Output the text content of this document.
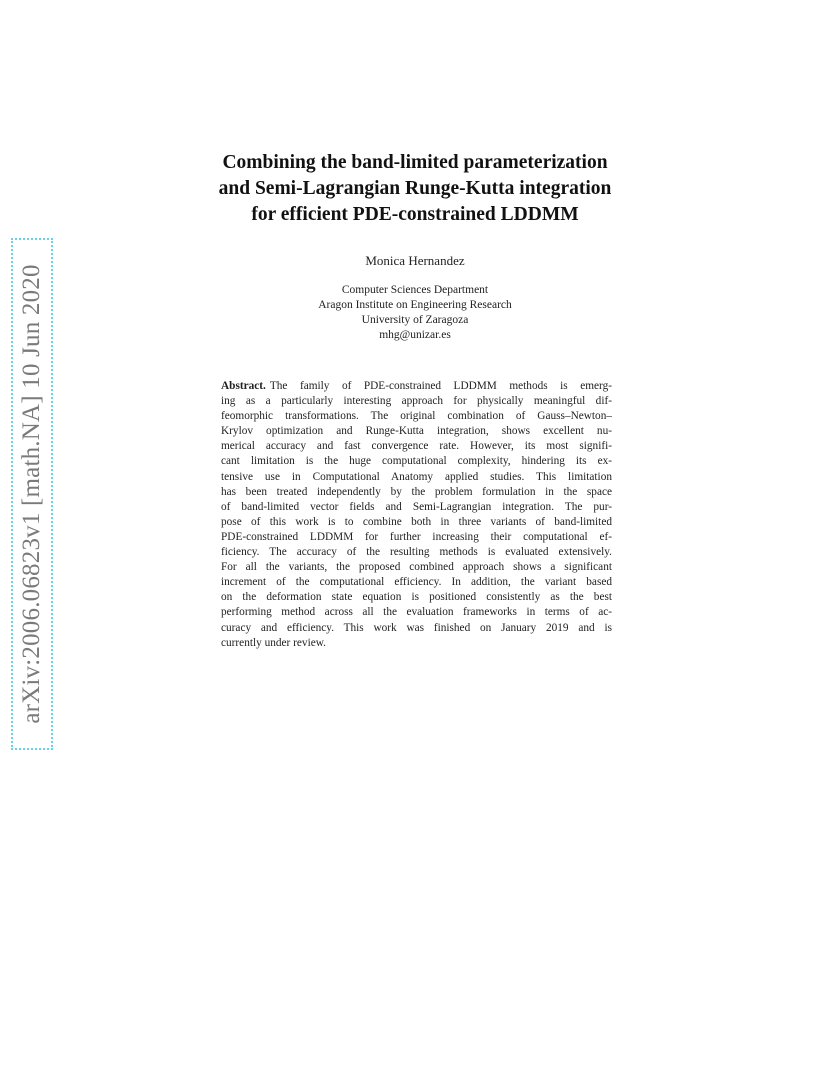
arXiv:2006.06823v1 [math.NA] 10 Jun 2020
Combining the band-limited parameterization
and Semi-Lagrangian Runge-Kutta integration
for efficient PDE-constrained LDDMM
Monica Hernandez
Computer Sciences Department
Aragon Institute on Engineering Research
University of Zaragoza
mhg@unizar.es
Abstract. The family of PDE-constrained LDDMM methods is emerg-
ing as a particularly interesting approach for physically meaningful dif-
feomorphic transformations. The original combination of Gauss–Newton–
Krylov optimization and Runge-Kutta integration, shows excellent nu-
merical accuracy and fast convergence rate. However, its most signifi-
cant limitation is the huge computational complexity, hindering its ex-
tensive use in Computational Anatomy applied studies. This limitation
has been treated independently by the problem formulation in the space
of band-limited vector fields and Semi-Lagrangian integration. The pur-
pose of this work is to combine both in three variants of band-limited
PDE-constrained LDDMM for further increasing their computational ef-
ficiency. The accuracy of the resulting methods is evaluated extensively.
For all the variants, the proposed combined approach shows a significant
increment of the computational efficiency. In addition, the variant based
on the deformation state equation is positioned consistently as the best
performing method across all the evaluation frameworks in terms of ac-
curacy and efficiency. This work was finished on January 2019 and is
currently under review.
